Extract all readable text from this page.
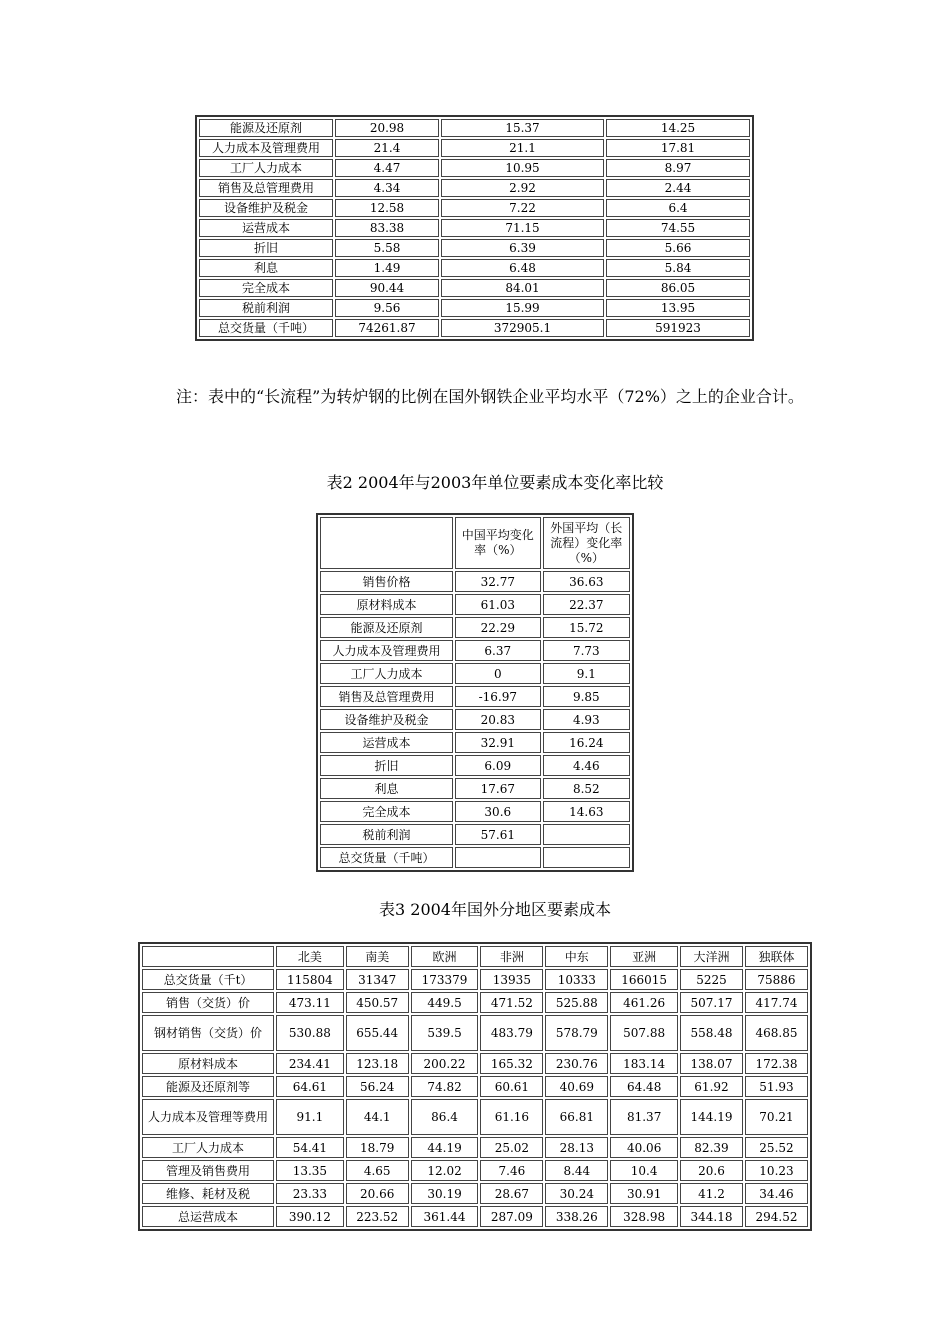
能源及还原剂	20.98	15.37	14.25
人力成本及管理费用	21.4	21.1	17.81
工厂人力成本	4.47	10.95	8.97
销售及总管理费用	4.34	2.92	2.44
设备维护及税金	12.58	7.22	6.4
运营成本	83.38	71.15	74.55
折旧	5.58	6.39	5.66
利息	1.49	6.48	5.84
完全成本	90.44	84.01	86.05
税前利润	9.56	15.99	13.95
总交货量（千吨）	74261.87	372905.1	591923

注：表中的“长流程”为转炉钢的比例在国外钢铁企业平均水平（72%）之上的企业合计。

表2 2004年与2003年单位要素成本变化率比较
	中国平均变化率（%）	外国平均（长流程）变化率（%）
销售价格	32.77	36.63
原材料成本	61.03	22.37
能源及还原剂	22.29	15.72
人力成本及管理费用	6.37	7.73
工厂人力成本	0	9.1
销售及总管理费用	-16.97	9.85
设备维护及税金	20.83	4.93
运营成本	32.91	16.24
折旧	6.09	4.46
利息	17.67	8.52
完全成本	30.6	14.63
税前利润	57.61	
总交货量（千吨）		
表3 2004年国外分地区要素成本
	北美	南美	欧洲	非洲	中东	亚洲	大洋洲	独联体
总交货量（千t）	115804	31347	173379	13935	10333	166015	5225	75886
销售（交货）价	473.11	450.57	449.5	471.52	525.88	461.26	507.17	417.74
钢材销售（交货）价	530.88	655.44	539.5	483.79	578.79	507.88	558.48	468.85
原材料成本	234.41	123.18	200.22	165.32	230.76	183.14	138.07	172.38
能源及还原剂等	64.61	56.24	74.82	60.61	40.69	64.48	61.92	51.93
人力成本及管理等费用	91.1	44.1	86.4	61.16	66.81	81.37	144.19	70.21
工厂人力成本	54.41	18.79	44.19	25.02	28.13	40.06	82.39	25.52
管理及销售费用	13.35	4.65	12.02	7.46	8.44	10.4	20.6	10.23
维修、耗材及税	23.33	20.66	30.19	28.67	30.24	30.91	41.2	34.46
总运营成本	390.12	223.52	361.44	287.09	338.26	328.98	344.18	294.52
